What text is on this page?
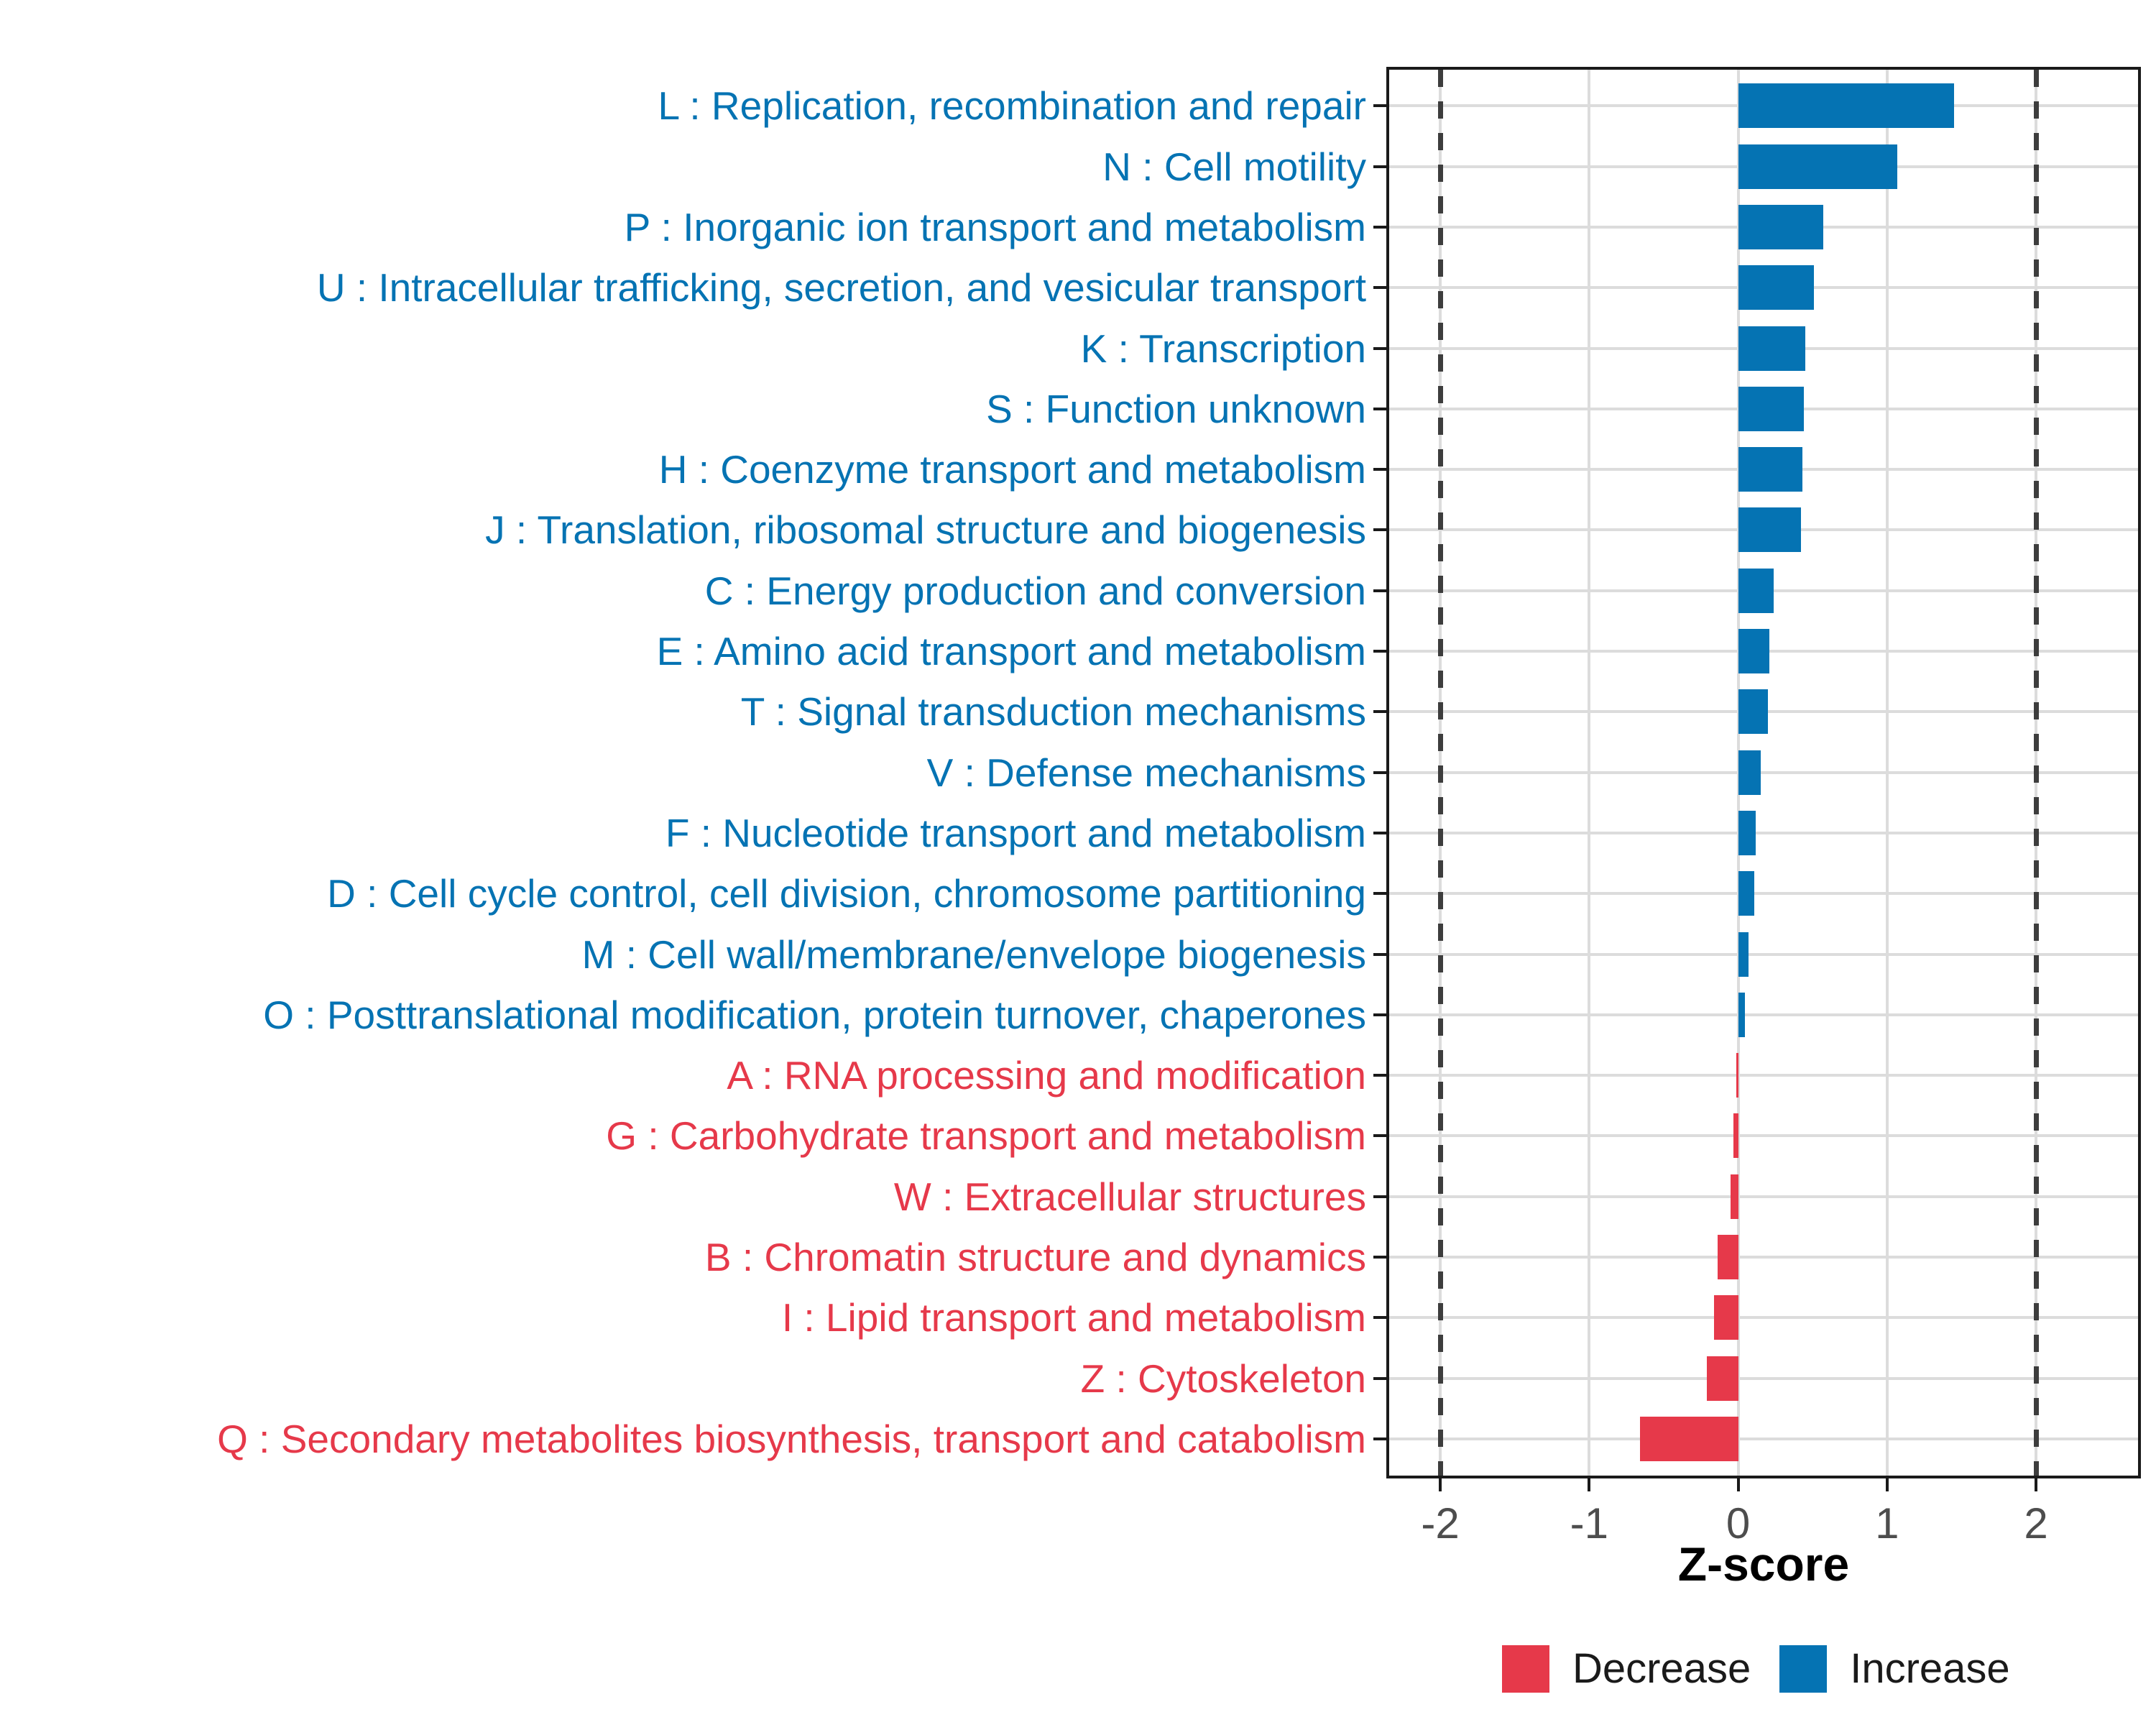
Z-score
Decrease Increase
-2	-1	0	1	2
L : Replication, recombination and repair
N : Cell motility
P : Inorganic ion transport and metabolism
U : Intracellular trafficking, secretion, and vesicular transport
K : Transcription
S : Function unknown
H : Coenzyme transport and metabolism
J : Translation, ribosomal structure and biogenesis
C : Energy production and conversion
E : Amino acid transport and metabolism
T : Signal transduction mechanisms
V : Defense mechanisms
F : Nucleotide transport and metabolism
D : Cell cycle control, cell division, chromosome partitioning
M : Cell wall/membrane/envelope biogenesis
O : Posttranslational modification, protein turnover, chaperones
A : RNA processing and modification
G : Carbohydrate transport and metabolism
W : Extracellular structures
B : Chromatin structure and dynamics
I : Lipid transport and metabolism
Z : Cytoskeleton
Q : Secondary metabolites biosynthesis, transport and catabolism
